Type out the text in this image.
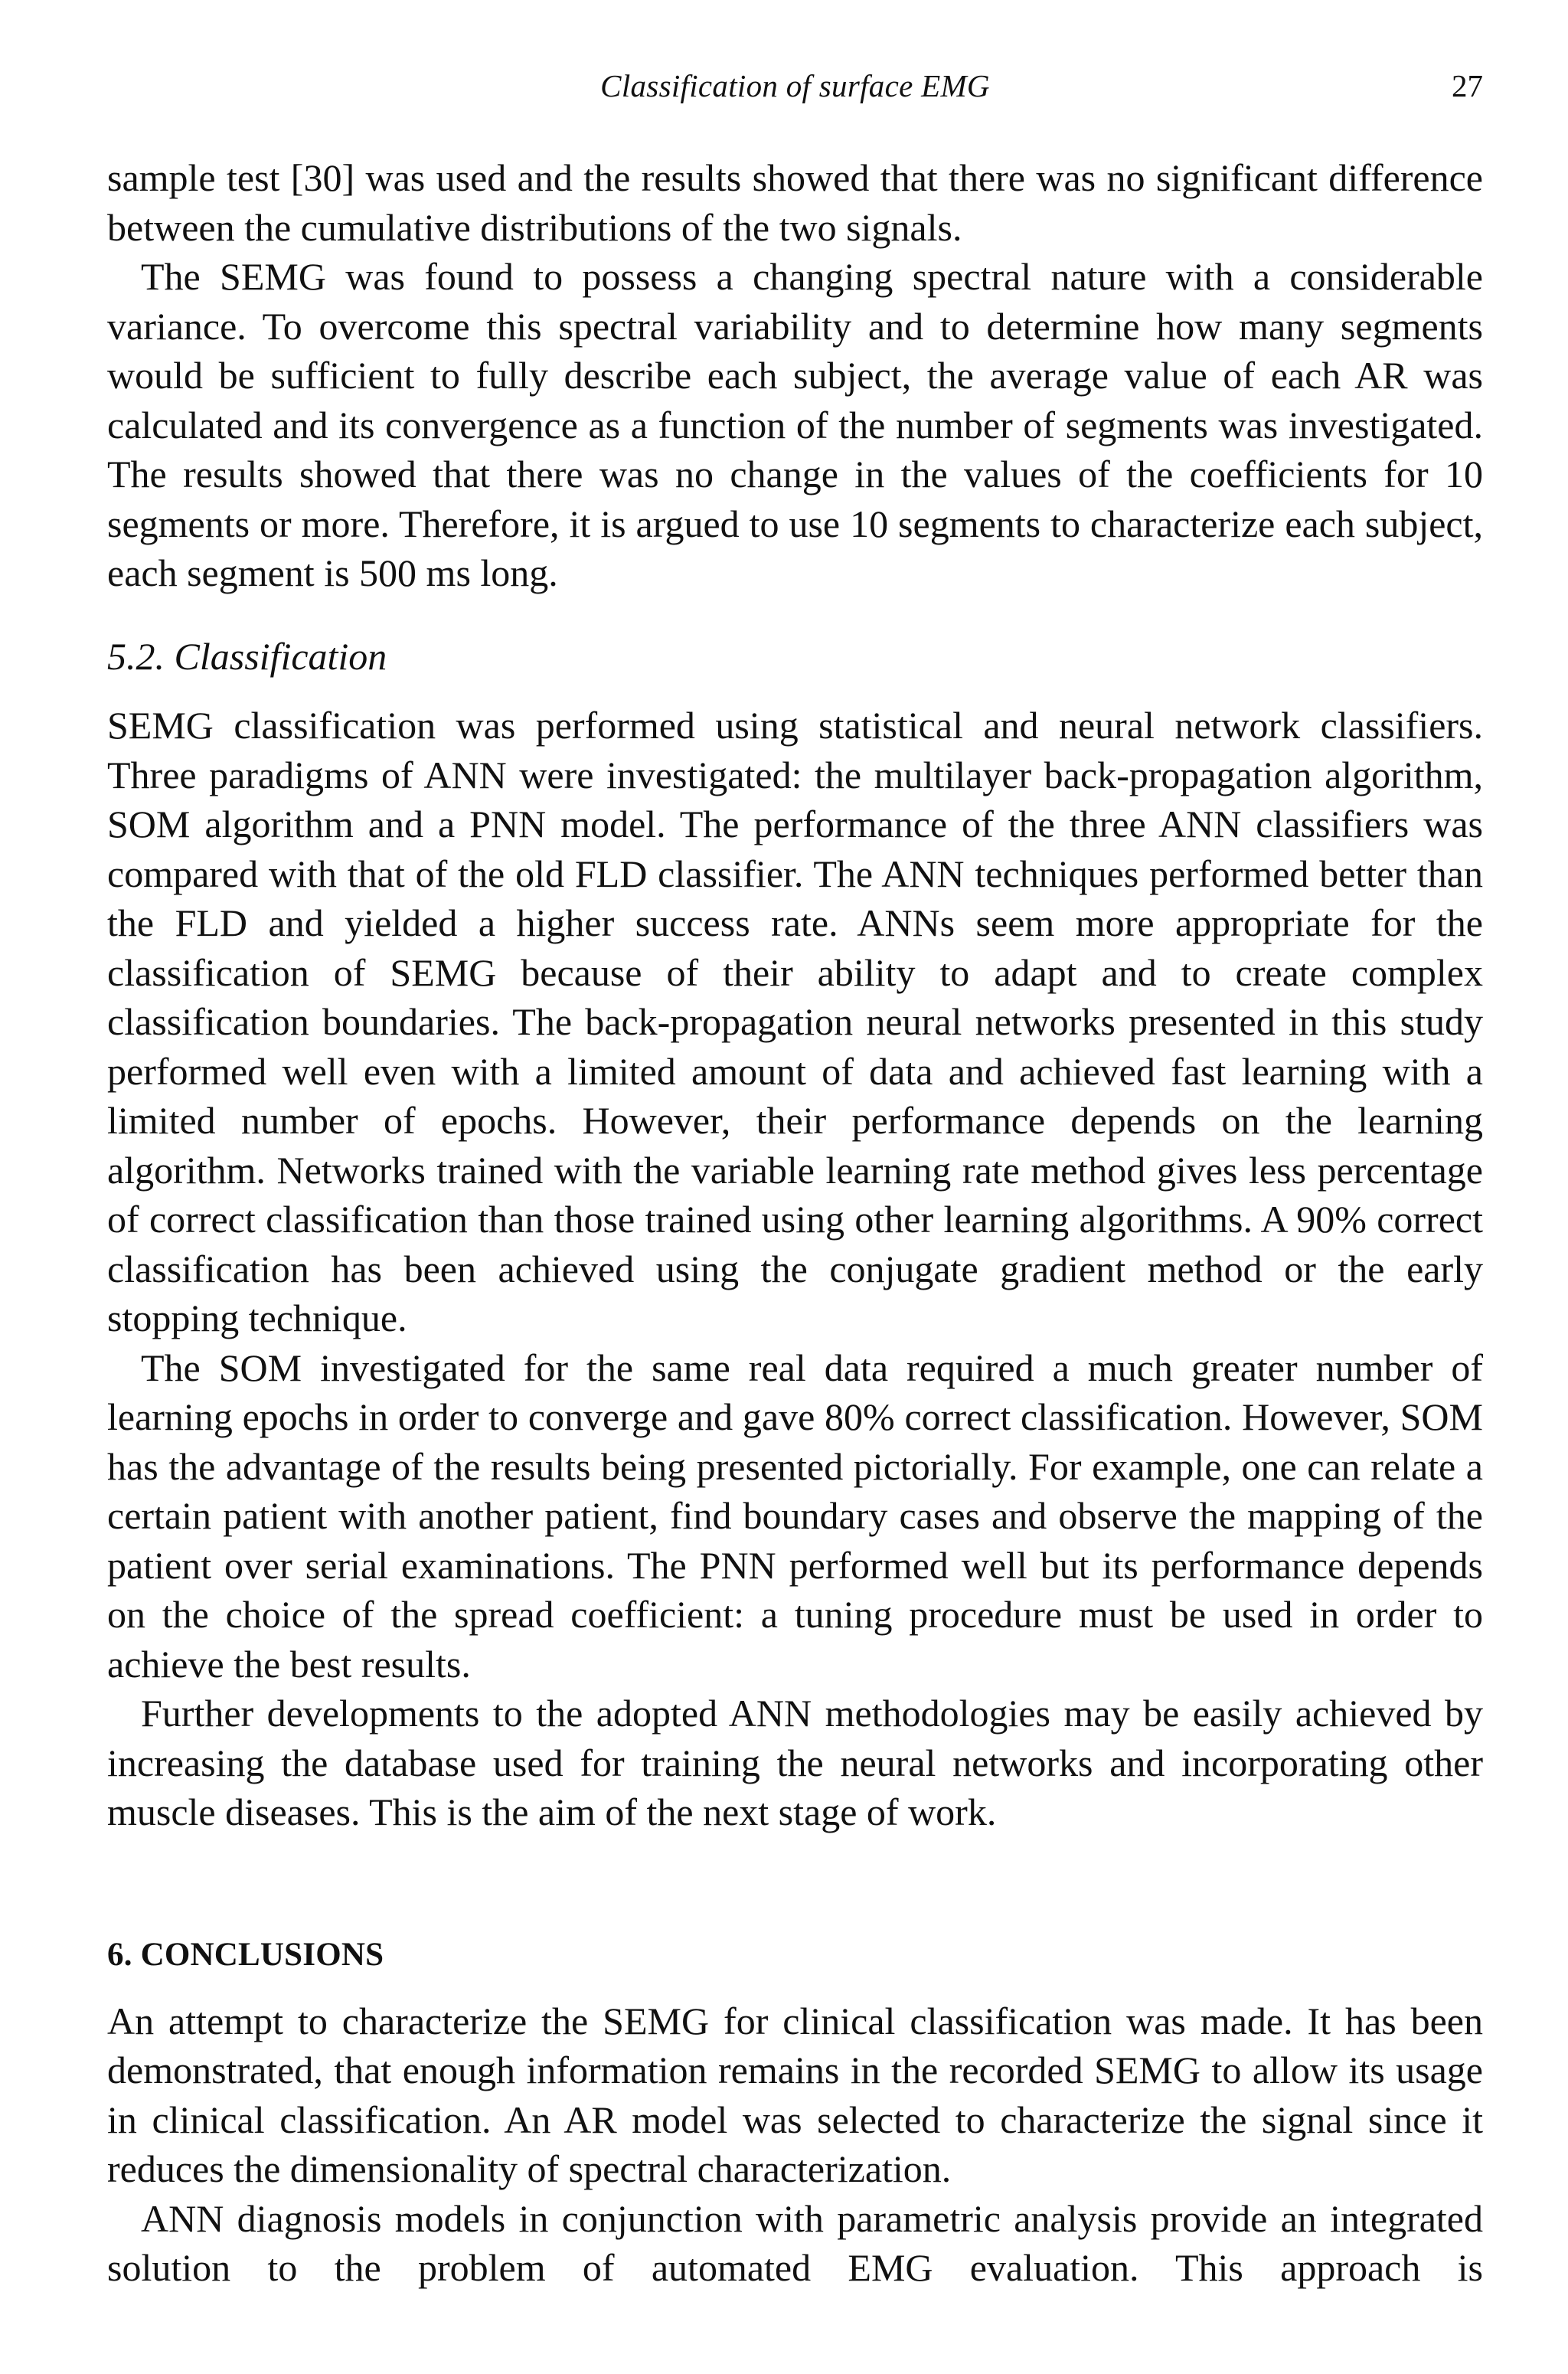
Classification of surface EMG	27

sample test [30] was used and the results showed that there was no significant difference between the cumulative distributions of the two signals.

The SEMG was found to possess a changing spectral nature with a considerable variance. To overcome this spectral variability and to determine how many segments would be sufficient to fully describe each subject, the average value of each AR was calculated and its convergence as a function of the number of segments was investigated. The results showed that there was no change in the values of the coefficients for 10 segments or more. Therefore, it is argued to use 10 segments to characterize each subject, each segment is 500 ms long.

5.2. Classification

SEMG classification was performed using statistical and neural network classifiers. Three paradigms of ANN were investigated: the multilayer back-propagation algorithm, SOM algorithm and a PNN model. The performance of the three ANN classifiers was compared with that of the old FLD classifier. The ANN techniques performed better than the FLD and yielded a higher success rate. ANNs seem more appropriate for the classification of SEMG because of their ability to adapt and to create complex classification boundaries. The back-propagation neural networks presented in this study performed well even with a limited amount of data and achieved fast learning with a limited number of epochs. However, their performance depends on the learning algorithm. Networks trained with the variable learning rate method gives less percentage of correct classification than those trained using other learning algorithms. A 90% correct classification has been achieved using the conjugate gradient method or the early stopping technique.

The SOM investigated for the same real data required a much greater number of learning epochs in order to converge and gave 80% correct classification. However, SOM has the advantage of the results being presented pictorially. For example, one can relate a certain patient with another patient, find boundary cases and observe the mapping of the patient over serial examinations. The PNN performed well but its performance depends on the choice of the spread coefficient: a tuning procedure must be used in order to achieve the best results.

Further developments to the adopted ANN methodologies may be easily achieved by increasing the database used for training the neural networks and incorporating other muscle diseases. This is the aim of the next stage of work.

6. CONCLUSIONS

An attempt to characterize the SEMG for clinical classification was made. It has been demonstrated, that enough information remains in the recorded SEMG to allow its usage in clinical classification. An AR model was selected to characterize the signal since it reduces the dimensionality of spectral characterization.

ANN diagnosis models in conjunction with parametric analysis provide an integrated solution to the problem of automated EMG evaluation. This approach is
